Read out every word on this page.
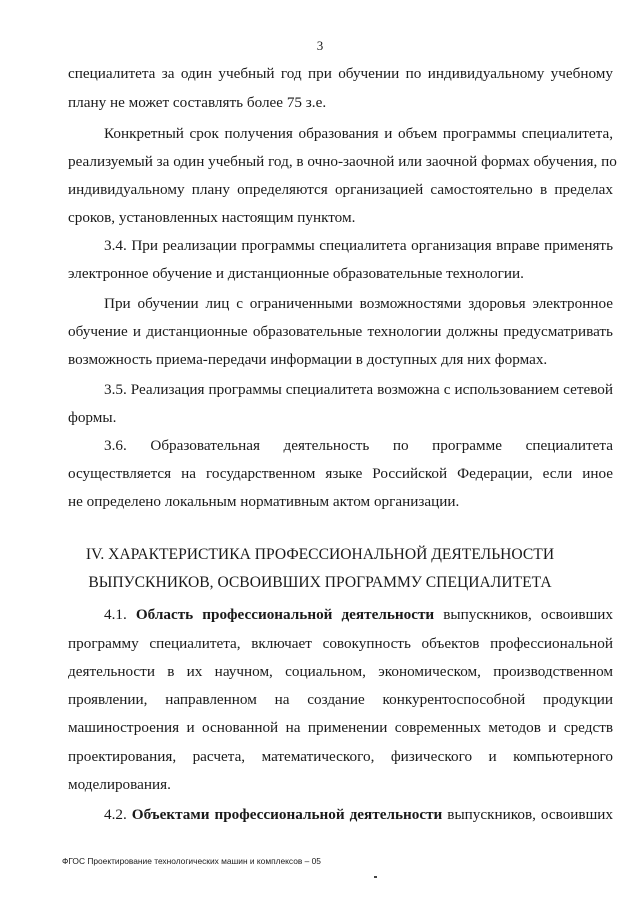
3
специалитета за один учебный год при обучении по индивидуальному учебному
плану не может составлять более 75 з.е.
Конкретный срок получения образования и объем программы специалитета,
реализуемый за один учебный год, в очно-заочной или заочной формах обучения, по
индивидуальному плану определяются организацией самостоятельно в пределах
сроков, установленных настоящим пунктом.
3.4. При реализации программы специалитета организация вправе применять
электронное обучение и дистанционные образовательные технологии.
При обучении лиц с ограниченными возможностями здоровья электронное
обучение и дистанционные образовательные технологии должны предусматривать
возможность приема-передачи информации в доступных для них формах.
3.5. Реализация программы специалитета возможна с использованием сетевой
формы.
3.6. Образовательная деятельность по программе специалитета
осуществляется на государственном языке Российской Федерации, если иное
не определено локальным нормативным актом организации.
IV. ХАРАКТЕРИСТИКА ПРОФЕССИОНАЛЬНОЙ ДЕЯТЕЛЬНОСТИ
ВЫПУСКНИКОВ, ОСВОИВШИХ ПРОГРАММУ СПЕЦИАЛИТЕТА
4.1. Область профессиональной деятельности выпускников, освоивших
программу специалитета, включает совокупность объектов профессиональной
деятельности в их научном, социальном, экономическом, производственном
проявлении, направленном на создание конкурентоспособной продукции
машиностроения и основанной на применении современных методов и средств
проектирования, расчета, математического, физического и компьютерного
моделирования.
4.2. Объектами профессиональной деятельности выпускников, освоивших
ФГОС Проектирование технологических машин и комплексов – 05
